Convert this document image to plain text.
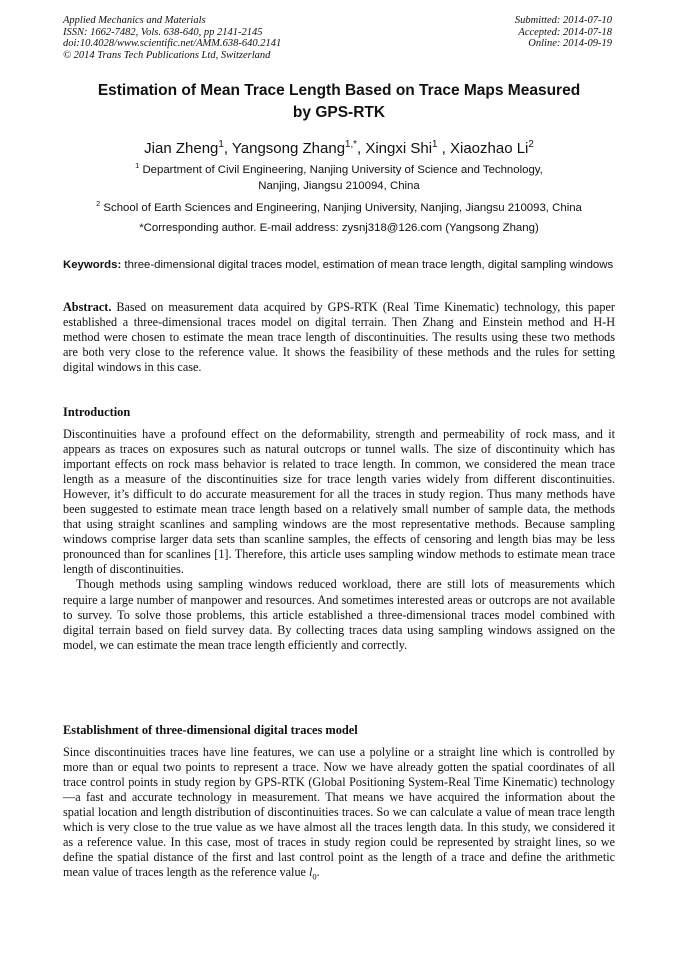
Applied Mechanics and Materials
ISSN: 1662-7482, Vols. 638-640, pp 2141-2145
doi:10.4028/www.scientific.net/AMM.638-640.2141
© 2014 Trans Tech Publications Ltd, Switzerland
Submitted: 2014-07-10
Accepted: 2014-07-18
Online: 2014-09-19
Estimation of Mean Trace Length Based on Trace Maps Measured
by GPS-RTK
Jian Zheng$^1$, Yangsong Zhang$^{1,*}$, Xingxi Shi$^1$ , Xiaozhao Li$^2$
$^1$ Department of Civil Engineering, Nanjing University of Science and Technology,
Nanjing, Jiangsu 210094, China
$^2$ School of Earth Sciences and Engineering, Nanjing University, Nanjing, Jiangsu 210093, China
*Corresponding author. E-mail address: zysnj318@126.com (Yangsong Zhang)
Keywords: three-dimensional digital traces model, estimation of mean trace length, digital sampling windows
Abstract. Based on measurement data acquired by GPS-RTK (Real Time Kinematic) technology, this paper established a three-dimensional traces model on digital terrain. Then Zhang and Einstein method and H-H method were chosen to estimate the mean trace length of discontinuities. The results using these two methods are both very close to the reference value. It shows the feasibility of these methods and the rules for setting digital windows in this case.
Introduction

Discontinuities have a profound effect on the deformability, strength and permeability of rock mass, and it appears as traces on exposures such as natural outcrops or tunnel walls. The size of discontinuity which has important effects on rock mass behavior is related to trace length. In common, we considered the mean trace length as a measure of the discontinuities size for trace length varies widely from different discontinuities. However, it’s difficult to do accurate measurement for all the traces in study region. Thus many methods have been suggested to estimate mean trace length based on a relatively small number of sample data, the methods that using straight scanlines and sampling windows are the most representative methods. Because sampling windows comprise larger data sets than scanline samples, the effects of censoring and length bias may be less pronounced than for scanlines [1]. Therefore, this article uses sampling window methods to estimate mean trace length of discontinuities.

Though methods using sampling windows reduced workload, there are still lots of measurements which require a large number of manpower and resources. And sometimes interested areas or outcrops are not available to survey. To solve those problems, this article established a three-dimensional traces model combined with digital terrain based on field survey data. By collecting traces data using sampling windows assigned on the model, we can estimate the mean trace length efficiently and correctly.

Establishment of three-dimensional digital traces model

Since discontinuities traces have line features, we can use a polyline or a straight line which is controlled by more than or equal two points to represent a trace. Now we have already gotten the spatial coordinates of all trace control points in study region by GPS-RTK (Global Positioning System-Real Time Kinematic) technology—a fast and accurate technology in measurement. That means we have acquired the information about the spatial location and length distribution of discontinuities traces. So we can calculate a value of mean trace length which is very close to the true value as we have almost all the traces length data. In this study, we considered it as a reference value. In this case, most of traces in study region could be represented by straight lines, so we define the spatial distance of the first and last control point as the length of a trace and define the arithmetic mean value of traces length as the reference value $l_0$.
